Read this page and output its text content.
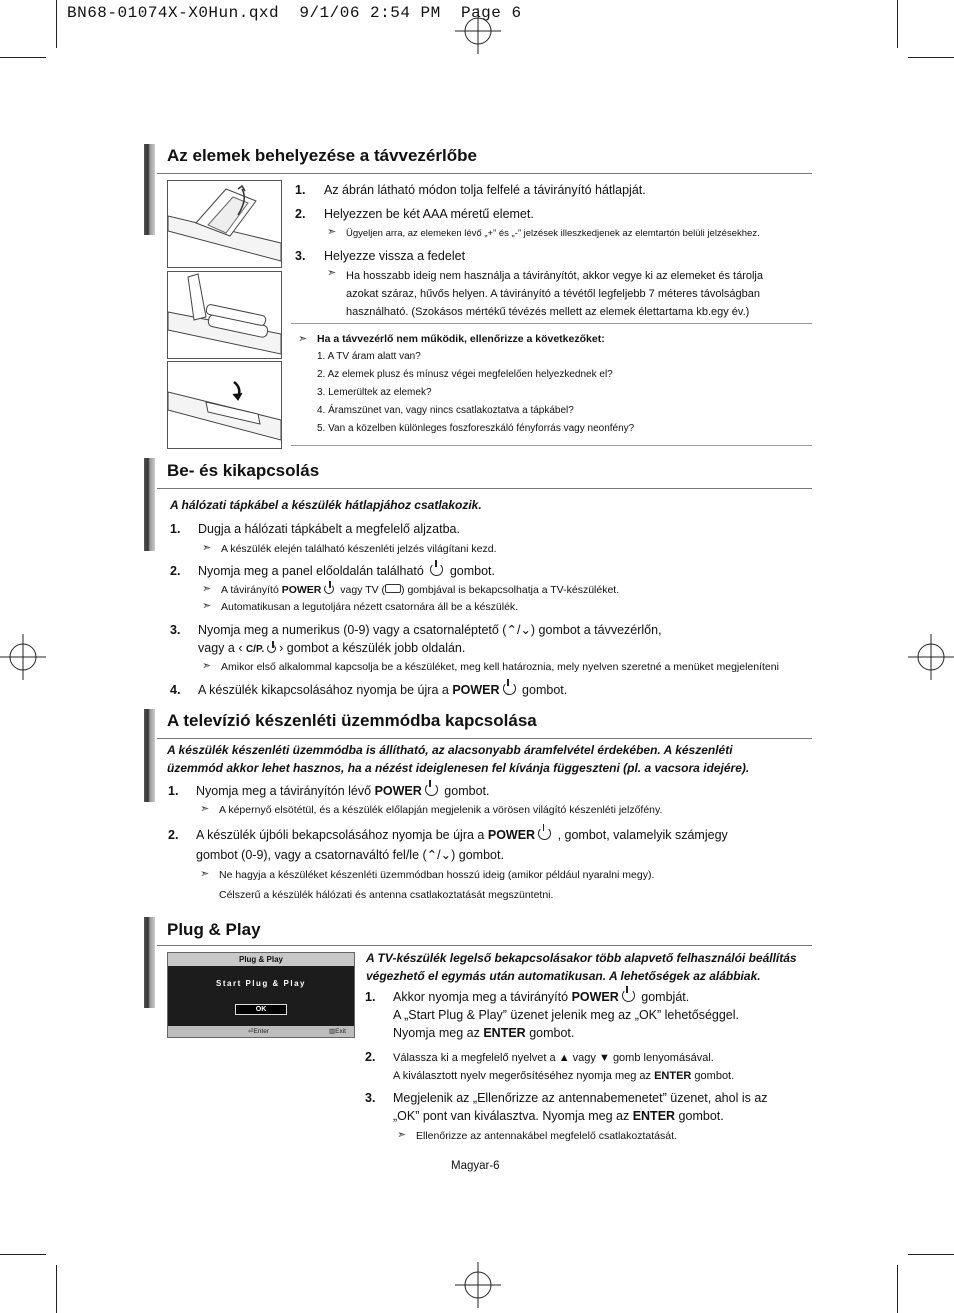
BN68-01074X-X0Hun.qxd  9/1/06 2:54 PM  Page 6
Az elemek behelyezése a távvezérlőbe
1. Az ábrán látható módon tolja felfelé a távirányító hátlapját.
2. Helyezzen be két AAA méretű elemet.
➣ Ügyeljen arra, az elemeken lévő „+” és „-” jelzések illeszkedjenek az elemtartón belüli jelzésekhez.
3. Helyezze vissza a fedelet
➣ Ha hosszabb ideig nem használja a távirányítót, akkor vegye ki az elemeket és tárolja
azokat száraz, hűvős helyen. A távirányító a tévétől legfeljebb 7 méteres távolságban
használható. (Szokásos mértékű tévézés mellett az elemek élettartama kb.egy év.)
➣ Ha a távvezérlő nem működik, ellenőrizze a következőket:
1. A TV áram alatt van?
2. Az elemek plusz és mínusz végei megfelelően helyezkednek el?
3. Lemerültek az elemek?
4. Áramszünet van, vagy nincs csatlakoztatva a tápkábel?
5. Van a közelben különleges foszforeszkáló fényforrás vagy neonfény?
Be- és kikapcsolás
A hálózati tápkábel a készülék hátlapjához csatlakozik.
1. Dugja a hálózati tápkábelt a megfelelő aljzatba.
➣ A készülék elején található készenléti jelzés világítani kezd.
2. Nyomja meg a panel előoldalán található gombot.
➣ A távirányító POWER vagy TV ( ) gombjával is bekapcsolhatja a TV-készüléket.
➣ Automatikusan a legutoljára nézett csatornára áll be a készülék.
3. Nyomja meg a numerikus (0-9) vagy a csatornaléptető (⌃/⌄) gombot a távvezérlőn,
vagy a ‹ C/P. › gombot a készülék jobb oldalán.
➣ Amikor első alkalommal kapcsolja be a készüléket, meg kell határoznia, mely nyelven szeretné a menüket megjeleníteni
4. A készülék kikapcsolásához nyomja be újra a POWER gombot.
A televízió készenléti üzemmódba kapcsolása
A készülék készenléti üzemmódba is állítható, az alacsonyabb áramfelvétel érdekében. A készenléti
üzemmód akkor lehet hasznos, ha a nézést ideiglenesen fel kívánja függeszteni (pl. a vacsora idejére).
1. Nyomja meg a távirányítón lévő POWER gombot.
➣ A képernyő elsötétül, és a készülék előlapján megjelenik a vörösen világító készenléti jelzőfény.
2. A készülék újbóli bekapcsolásához nyomja be újra a POWER , gombot, valamelyik számjegy
gombot (0-9), vagy a csatornaváltó fel/le (⌃/⌄) gombot.
➣ Ne hagyja a készüléket készenléti üzemmódban hosszú ideig (amikor például nyaralni megy).
Célszerű a készülék hálózati és antenna csatlakoztatását megszüntetni.
Plug & Play
Plug & Play
Start Plug & Play
OK
⏎Enter	▥Exit
A TV-készülék legelső bekapcsolásakor több alapvető felhasználói beállítás
végezhető el egymás után automatikusan. A lehetőségek az alábbiak.
1. Akkor nyomja meg a távirányító POWER gombját.
A „Start Plug & Play” üzenet jelenik meg az „OK” lehetőséggel.
Nyomja meg az ENTER gombot.
2. Válassza ki a megfelelő nyelvet a ▲ vagy ▼ gomb lenyomásával.
A kiválasztott nyelv megerősítéséhez nyomja meg az ENTER gombot.
3. Megjelenik az „Ellenőrizze az antennabemenetet” üzenet, ahol is az
„OK” pont van kiválasztva. Nyomja meg az ENTER gombot.
➣ Ellenőrizze az antennakábel megfelelő csatlakoztatását.
Magyar-6
